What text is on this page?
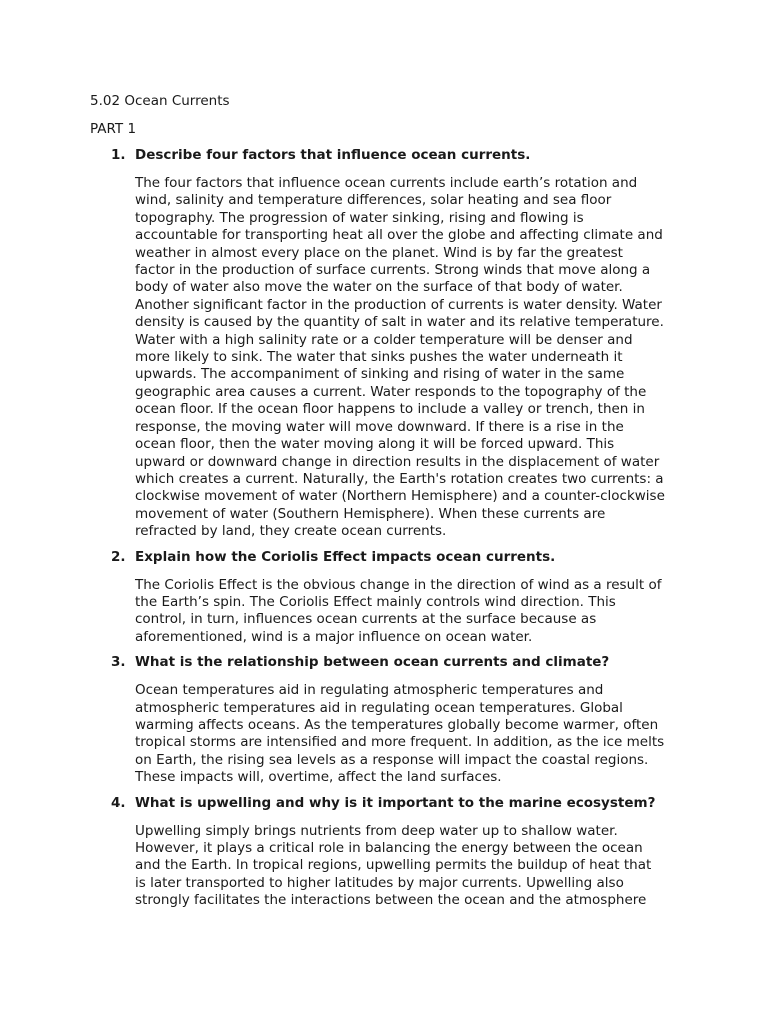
5.02 Ocean Currents
PART 1
1. Describe four factors that influence ocean currents.
The four factors that influence ocean currents include earth’s rotation and
wind, salinity and temperature differences, solar heating and sea floor
topography. The progression of water sinking, rising and flowing is
accountable for transporting heat all over the globe and affecting climate and
weather in almost every place on the planet. Wind is by far the greatest
factor in the production of surface currents. Strong winds that move along a
body of water also move the water on the surface of that body of water.
Another significant factor in the production of currents is water density. Water
density is caused by the quantity of salt in water and its relative temperature.
Water with a high salinity rate or a colder temperature will be denser and
more likely to sink. The water that sinks pushes the water underneath it
upwards. The accompaniment of sinking and rising of water in the same
geographic area causes a current. Water responds to the topography of the
ocean floor. If the ocean floor happens to include a valley or trench, then in
response, the moving water will move downward. If there is a rise in the
ocean floor, then the water moving along it will be forced upward. This
upward or downward change in direction results in the displacement of water
which creates a current. Naturally, the Earth's rotation creates two currents: a
clockwise movement of water (Northern Hemisphere) and a counter-clockwise
movement of water (Southern Hemisphere). When these currents are
refracted by land, they create ocean currents.
2. Explain how the Coriolis Effect impacts ocean currents.
The Coriolis Effect is the obvious change in the direction of wind as a result of
the Earth’s spin. The Coriolis Effect mainly controls wind direction. This
control, in turn, influences ocean currents at the surface because as
aforementioned, wind is a major influence on ocean water.
3. What is the relationship between ocean currents and climate?
Ocean temperatures aid in regulating atmospheric temperatures and
atmospheric temperatures aid in regulating ocean temperatures. Global
warming affects oceans. As the temperatures globally become warmer, often
tropical storms are intensified and more frequent. In addition, as the ice melts
on Earth, the rising sea levels as a response will impact the coastal regions.
These impacts will, overtime, affect the land surfaces.
4. What is upwelling and why is it important to the marine ecosystem?
Upwelling simply brings nutrients from deep water up to shallow water.
However, it plays a critical role in balancing the energy between the ocean
and the Earth. In tropical regions, upwelling permits the buildup of heat that
is later transported to higher latitudes by major currents. Upwelling also
strongly facilitates the interactions between the ocean and the atmosphere
